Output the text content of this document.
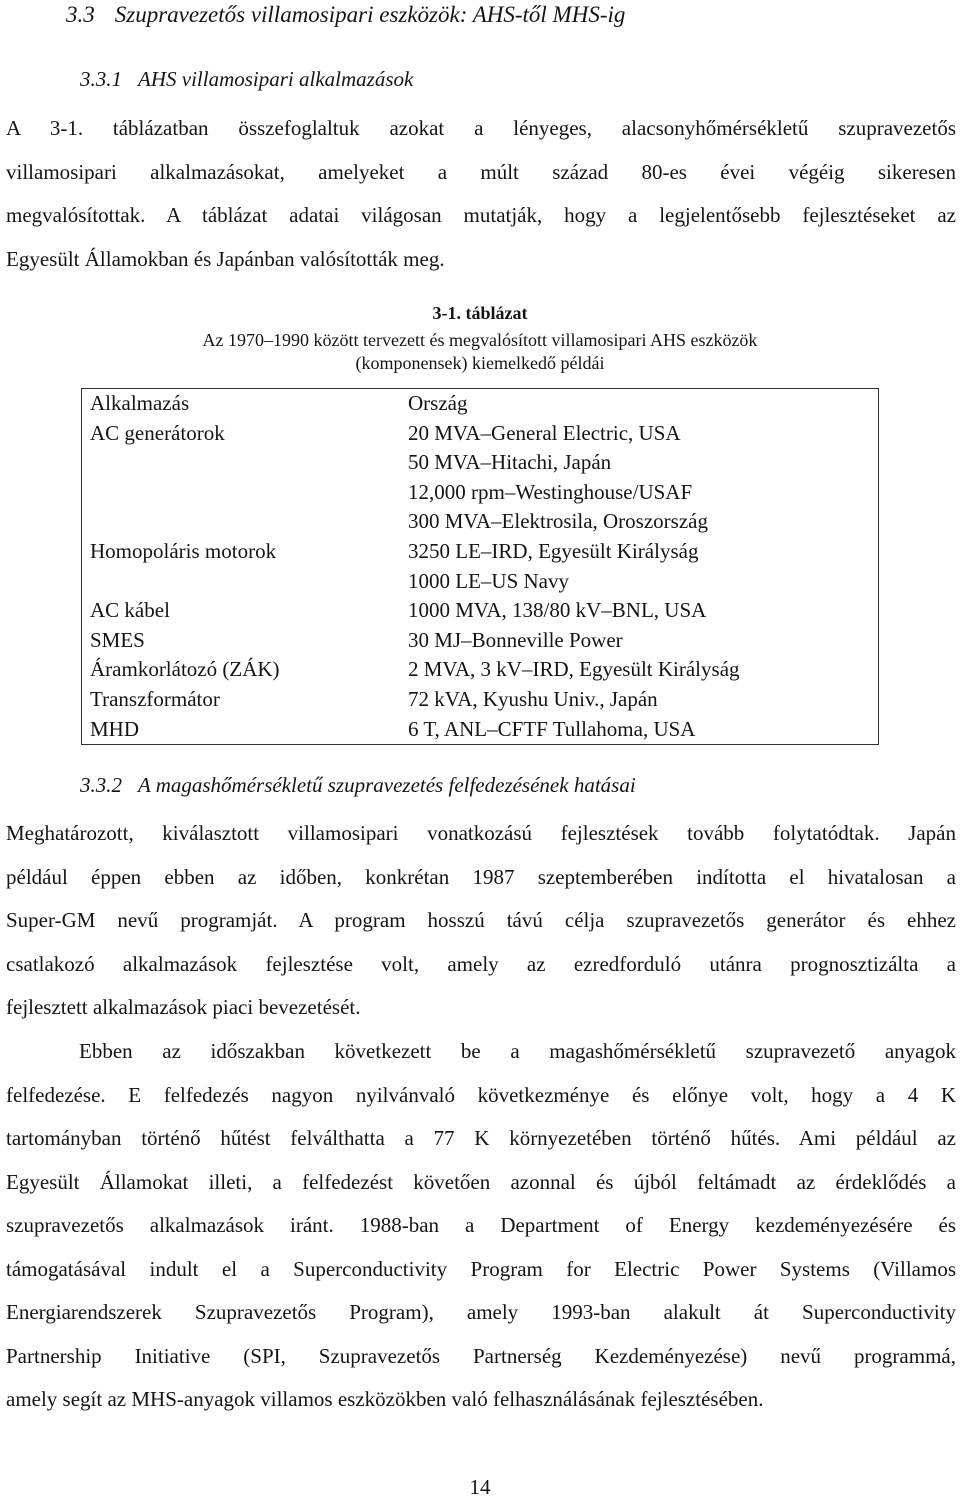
3.3 Szupravezetős villamosipari eszközök: AHS-től MHS-ig
3.3.1 AHS villamosipari alkalmazások
A 3-1. táblázatban összefoglaltuk azokat a lényeges, alacsonyhőmérsékletű szupravezetős
villamosipari alkalmazásokat, amelyeket a múlt század 80-es évei végéig sikeresen
megvalósítottak. A táblázat adatai világosan mutatják, hogy a legjelentősebb fejlesztéseket az
Egyesült Államokban és Japánban valósították meg.
3-1. táblázat
Az 1970–1990 között tervezett és megvalósított villamosipari AHS eszközök
(komponensek) kiemelkedő példái
Alkalmazás	Ország
AC generátorok	20 MVA–General Electric, USA
50 MVA–Hitachi, Japán
12,000 rpm–Westinghouse/USAF
300 MVA–Elektrosila, Oroszország

Homopoláris motorok	3250 LE–IRD, Egyesült Királyság
1000 LE–US Navy

AC kábel	1000 MVA, 138/80 kV–BNL, USA
SMES	30 MJ–Bonneville Power
Áramkorlátozó (ZÁK)	2 MVA, 3 kV–IRD, Egyesült Királyság
Transzformátor	72 kVA, Kyushu Univ., Japán
MHD	6 T, ANL–CFTF Tullahoma, USA
3.3.2 A magashőmérsékletű szupravezetés felfedezésének hatásai
Meghatározott, kiválasztott villamosipari vonatkozású fejlesztések tovább folytatódtak. Japán
például éppen ebben az időben, konkrétan 1987 szeptemberében indította el hivatalosan a
Super-GM nevű programját. A program hosszú távú célja szupravezetős generátor és ehhez
csatlakozó alkalmazások fejlesztése volt, amely az ezredforduló utánra prognosztizálta a
fejlesztett alkalmazások piaci bevezetését.
Ebben az időszakban következett be a magashőmérsékletű szupravezető anyagok
felfedezése. E felfedezés nagyon nyilvánvaló következménye és előnye volt, hogy a 4 K
tartományban történő hűtést felválthatta a 77 K környezetében történő hűtés. Ami például az
Egyesült Államokat illeti, a felfedezést követően azonnal és újból feltámadt az érdeklődés a
szupravezetős alkalmazások iránt. 1988-ban a Department of Energy kezdeményezésére és
támogatásával indult el a Superconductivity Program for Electric Power Systems (Villamos
Energiarendszerek Szupravezetős Program), amely 1993-ban alakult át Superconductivity
Partnership Initiative (SPI, Szupravezetős Partnerség Kezdeményezése) nevű programmá,
amely segít az MHS-anyagok villamos eszközökben való felhasználásának fejlesztésében.
14
